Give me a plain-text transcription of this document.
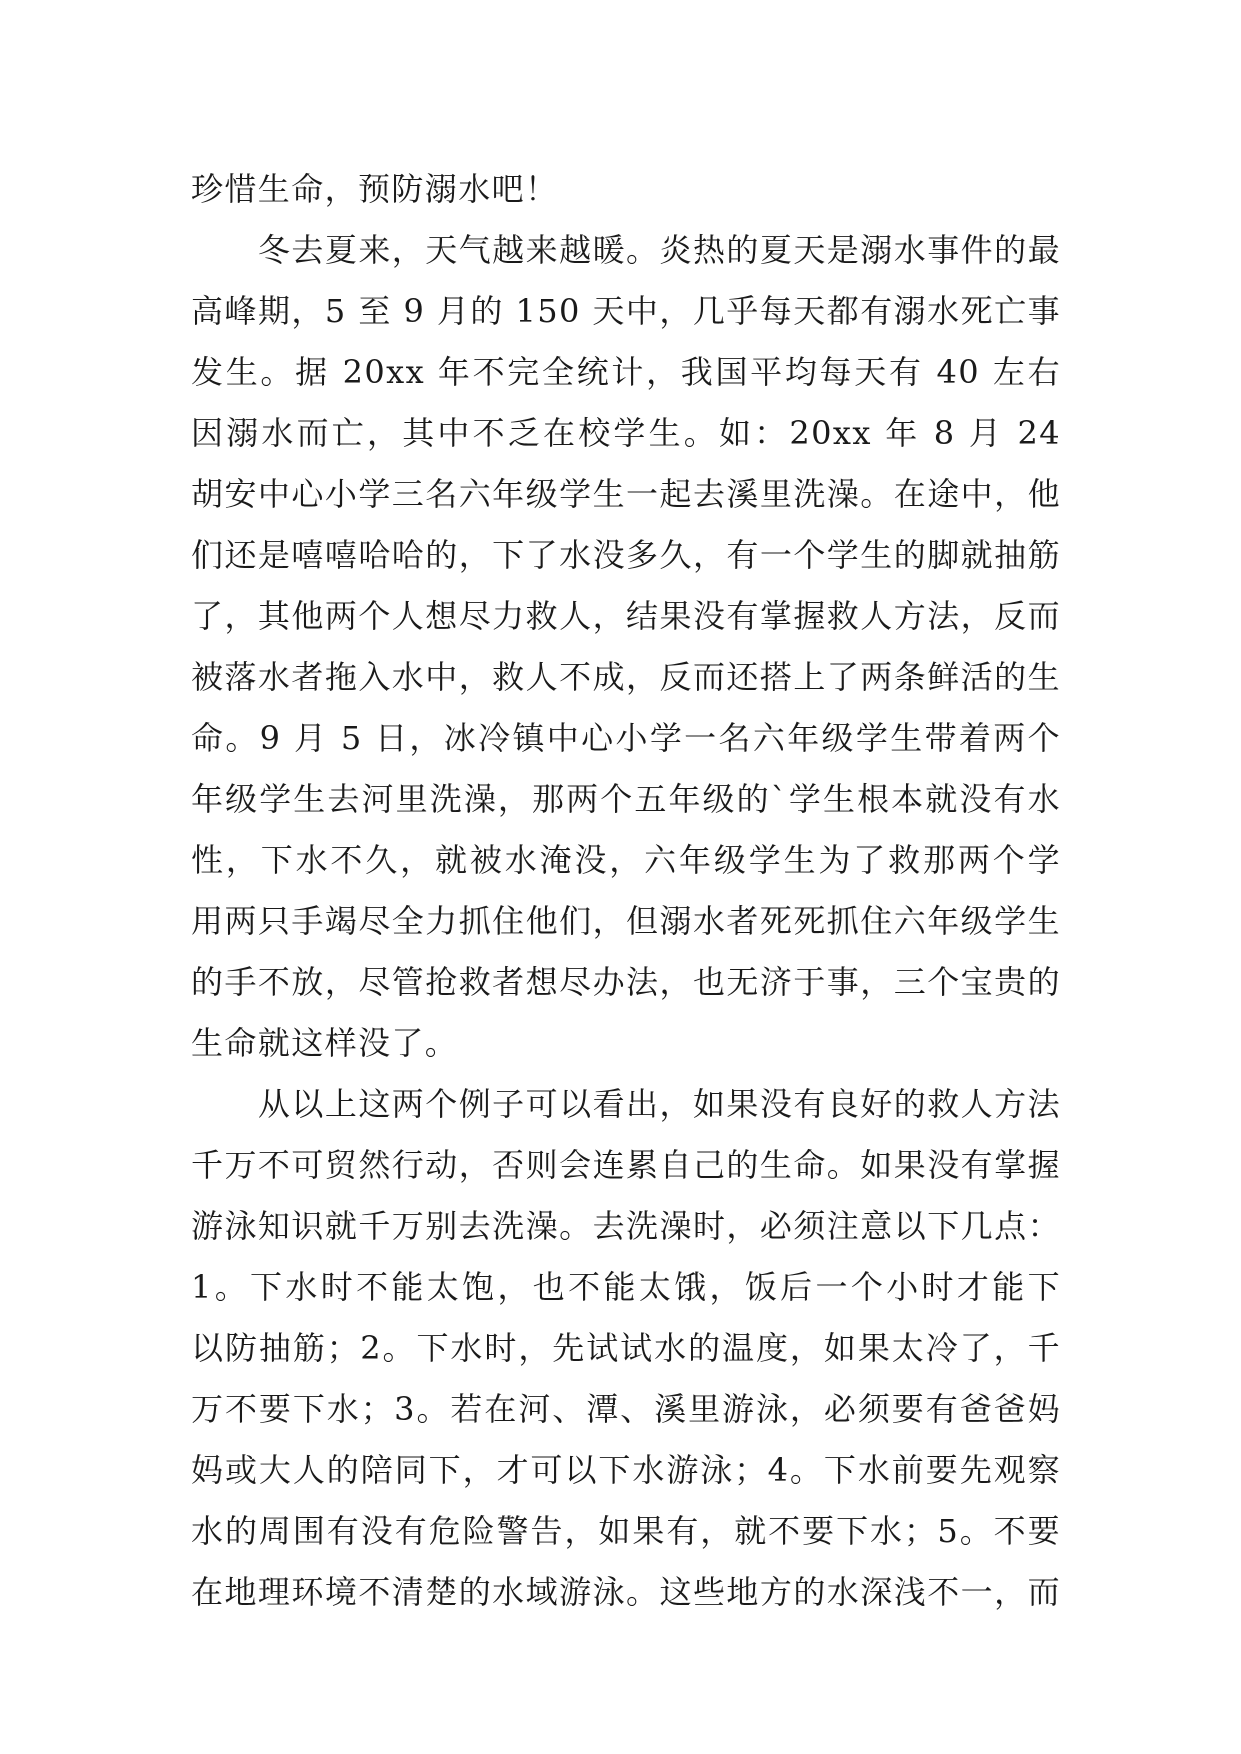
珍惜生命，预防溺水吧！
　　冬去夏来，天气越来越暖。炎热的夏天是溺水事件的最
高峰期，5 至 9 月的 150 天中，几乎每天都有溺水死亡事
发生。据 20xx 年不完全统计，我国平均每天有 40 左右
因溺水而亡，其中不乏在校学生。如：20xx 年 8 月 24
胡安中心小学三名六年级学生一起去溪里洗澡。在途中，他
们还是嘻嘻哈哈的，下了水没多久，有一个学生的脚就抽筋
了，其他两个人想尽力救人，结果没有掌握救人方法，反而
被落水者拖入水中，救人不成，反而还搭上了两条鲜活的生
命。9 月 5 日，冰冷镇中心小学一名六年级学生带着两个
年级学生去河里洗澡，那两个五年级的`学生根本就没有水
性，下水不久，就被水淹没，六年级学生为了救那两个学
用两只手竭尽全力抓住他们，但溺水者死死抓住六年级学生
的手不放，尽管抢救者想尽办法，也无济于事，三个宝贵的
生命就这样没了。
　　从以上这两个例子可以看出，如果没有良好的救人方法
千万不可贸然行动，否则会连累自己的生命。如果没有掌握
游泳知识就千万别去洗澡。去洗澡时，必须注意以下几点：
1。下水时不能太饱，也不能太饿，饭后一个小时才能下
以防抽筋；2。下水时，先试试水的温度，如果太冷了，千
万不要下水；3。若在河、潭、溪里游泳，必须要有爸爸妈
妈或大人的陪同下，才可以下水游泳；4。下水前要先观察
水的周围有没有危险警告，如果有，就不要下水；5。不要
在地理环境不清楚的水域游泳。这些地方的水深浅不一，而
